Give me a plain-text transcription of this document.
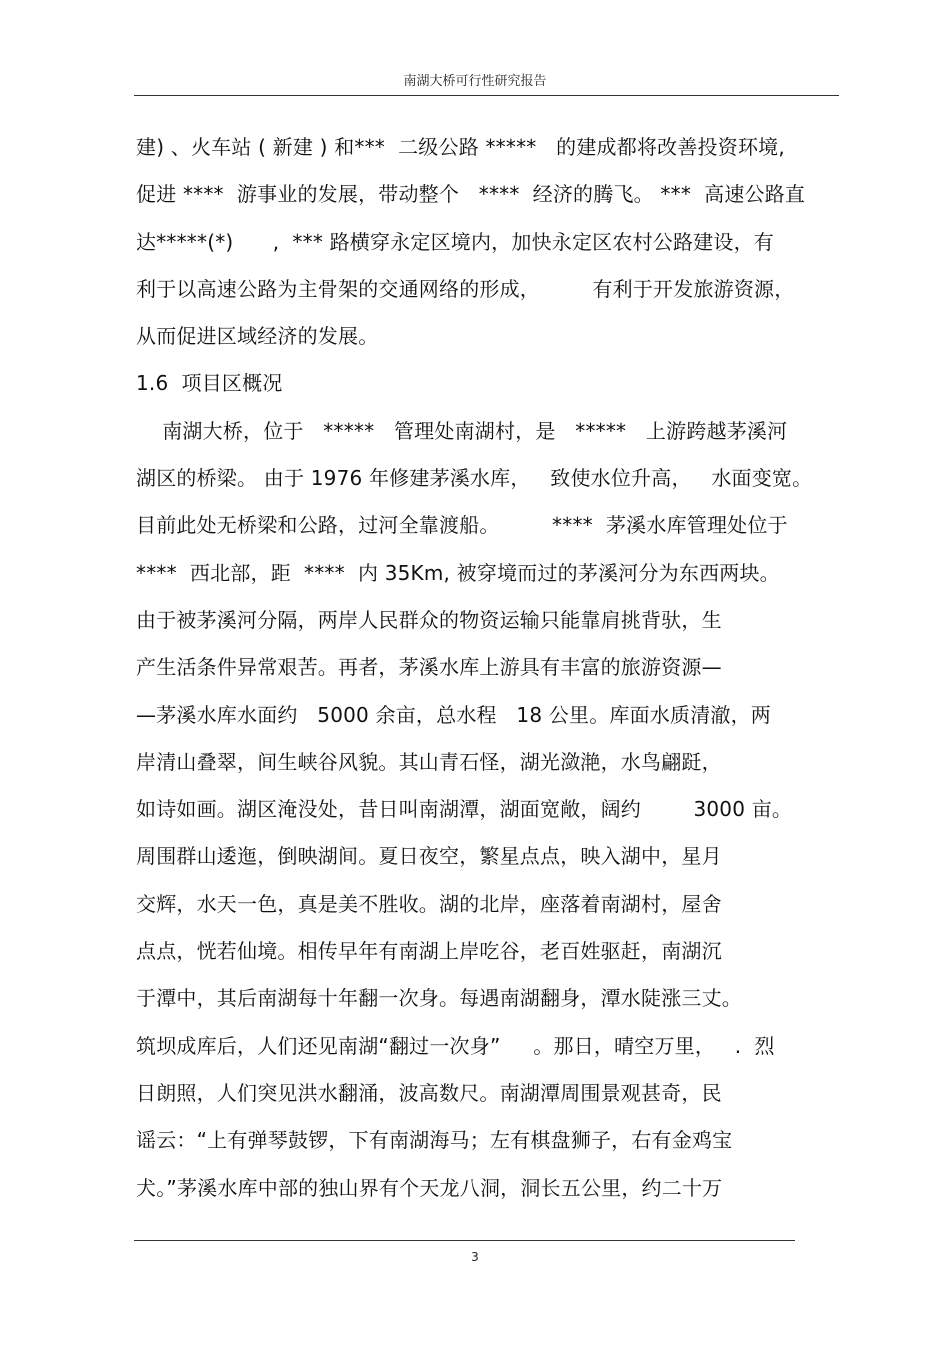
南湖大桥可行性研究报告
建) 、火车站 ( 新建 ) 和***  二级公路 *****   的建成都将改善投资环境,
促进 ****  游事业的发展，带动整个   ****  经济的腾飞。 ***  高速公路直
达*****(*)      ,  *** 路横穿永定区境内，加快永定区农村公路建设，有
利于以高速公路为主骨架的交通网络的形成，        有利于开发旅游资源，
从而促进区域经济的发展。
1.6  项目区概况
南湖大桥，位于   *****   管理处南湖村，是   *****   上游跨越茅溪河
湖区的桥梁。 由于 1976 年修建茅溪水库，   致使水位升高，   水面变宽。
目前此处无桥梁和公路，过河全靠渡船。        ****  茅溪水库管理处位于
****  西北部，距  ****  内 35Km, 被穿境而过的茅溪河分为东西两块。
由于被茅溪河分隔，两岸人民群众的物资运输只能靠肩挑背驮，生
产生活条件异常艰苦。再者，茅溪水库上游具有丰富的旅游资源—
—茅溪水库水面约   5000 余亩，总水程   18 公里。库面水质清澈，两
岸清山叠翠，间生峡谷风貌。其山青石怪，湖光潋滟，水鸟翩跹，
如诗如画。湖区淹没处，昔日叫南湖潭，湖面宽敞，阔约        3000 亩。
周围群山逶迤，倒映湖间。夏日夜空，繁星点点，映入湖中，星月
交辉，水天一色，真是美不胜收。湖的北岸，座落着南湖村，屋舍
点点，恍若仙境。相传早年有南湖上岸吃谷，老百姓驱赶，南湖沉
于潭中，其后南湖每十年翻一次身。每遇南湖翻身，潭水陡涨三丈。
筑坝成库后，人们还见南湖“翻过一次身”     。那日，晴空万里，   .  烈
日朗照，人们突见洪水翻涌，波高数尺。南湖潭周围景观甚奇，民
谣云：“上有弹琴鼓锣，下有南湖海马；左有棋盘狮子，右有金鸡宝
犬。”茅溪水库中部的独山界有个天龙八洞，洞长五公里，约二十万
3
